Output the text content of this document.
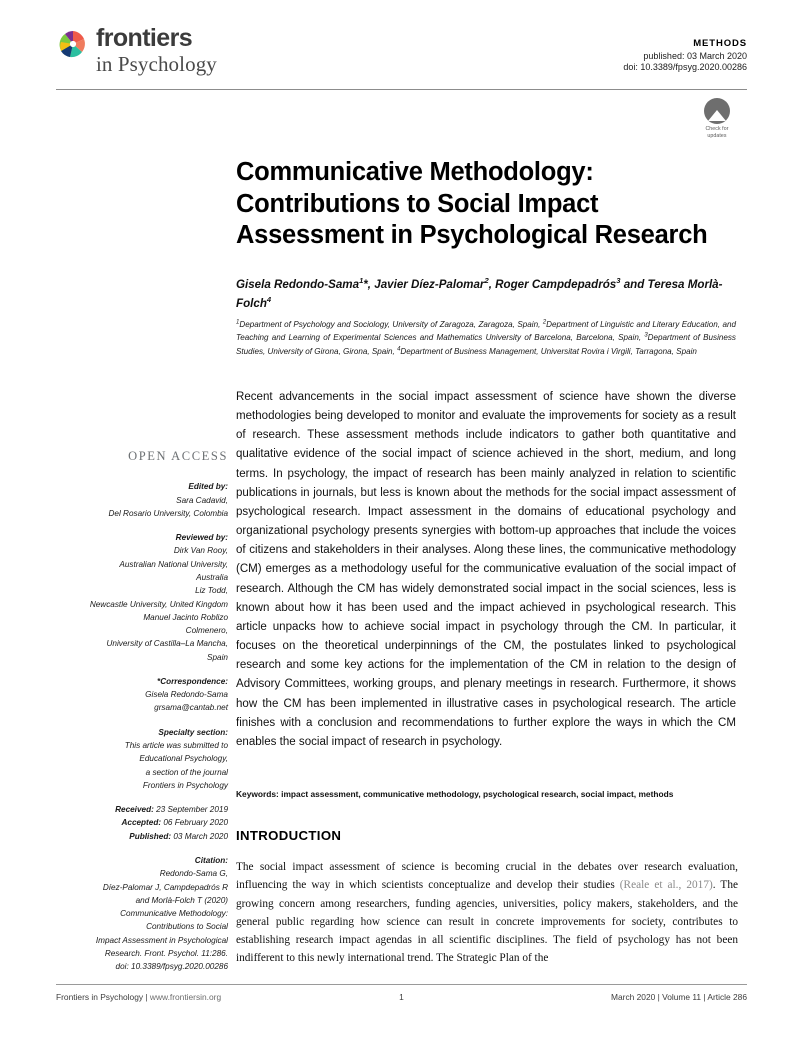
frontiers
in Psychology
METHODS
published: 03 March 2020
doi: 10.3389/fpsyg.2020.00286
Check for
updates
Communicative Methodology: Contributions to Social Impact Assessment in Psychological Research
Gisela Redondo-Sama$^1$*, Javier Díez-Palomar$^2$, Roger Campdepadrós$^3$ and Teresa Morlà-Folch$^4$
$^1$Department of Psychology and Sociology, University of Zaragoza, Zaragoza, Spain, $^2$Department of Linguistic and Literary Education, and Teaching and Learning of Experimental Sciences and Mathematics University of Barcelona, Barcelona, Spain, $^3$Department of Business Studies, University of Girona, Girona, Spain, $^4$Department of Business Management, Universitat Rovira i Virgili, Tarragona, Spain
OPEN ACCESS
Edited by:
Sara Cadavid,
Del Rosario University, Colombia
Reviewed by:
Dirk Van Rooy,
Australian National University,
Australia
Liz Todd,
Newcastle University, United Kingdom
Manuel Jacinto Roblizo
Colmenero,
University of Castilla–La Mancha,
Spain
*Correspondence:
Gisela Redondo-Sama
grsama@cantab.net
Specialty section:
This article was submitted to
Educational Psychology,
a section of the journal
Frontiers in Psychology
Received: 23 September 2019
Accepted: 06 February 2020
Published: 03 March 2020
Citation:
Redondo-Sama G,
Díez-Palomar J, Campdepadrós R
and Morlà-Folch T (2020)
Communicative Methodology:
Contributions to Social
Impact Assessment in Psychological
Research. Front. Psychol. 11:286.
doi: 10.3389/fpsyg.2020.00286
Recent advancements in the social impact assessment of science have shown the diverse methodologies being developed to monitor and evaluate the improvements for society as a result of research. These assessment methods include indicators to gather both quantitative and qualitative evidence of the social impact of science achieved in the short, medium, and long terms. In psychology, the impact of research has been mainly analyzed in relation to scientific publications in journals, but less is known about the methods for the social impact assessment of psychological research. Impact assessment in the domains of educational psychology and organizational psychology presents synergies with bottom-up approaches that include the voices of citizens and stakeholders in their analyses. Along these lines, the communicative methodology (CM) emerges as a methodology useful for the communicative evaluation of the social impact of research. Although the CM has widely demonstrated social impact in the social sciences, less is known about how it has been used and the impact achieved in psychological research. This article unpacks how to achieve social impact in psychology through the CM. In particular, it focuses on the theoretical underpinnings of the CM, the postulates linked to psychological research and some key actions for the implementation of the CM in relation to the design of Advisory Committees, working groups, and plenary meetings in research. Furthermore, it shows how the CM has been implemented in illustrative cases in psychological research. The article finishes with a conclusion and recommendations to further explore the ways in which the CM enables the social impact of research in psychology.
Keywords: impact assessment, communicative methodology, psychological research, social impact, methods
INTRODUCTION
The social impact assessment of science is becoming crucial in the debates over research evaluation, influencing the way in which scientists conceptualize and develop their studies (Reale et al., 2017). The growing concern among researchers, funding agencies, universities, policy makers, stakeholders, and the general public regarding how science can result in concrete improvements for society, contributes to establishing research impact agendas in all scientific disciplines. The field of psychology has not been indifferent to this newly international trend. The Strategic Plan of the
Frontiers in Psychology | www.frontiersin.org	1	March 2020 | Volume 11 | Article 286
